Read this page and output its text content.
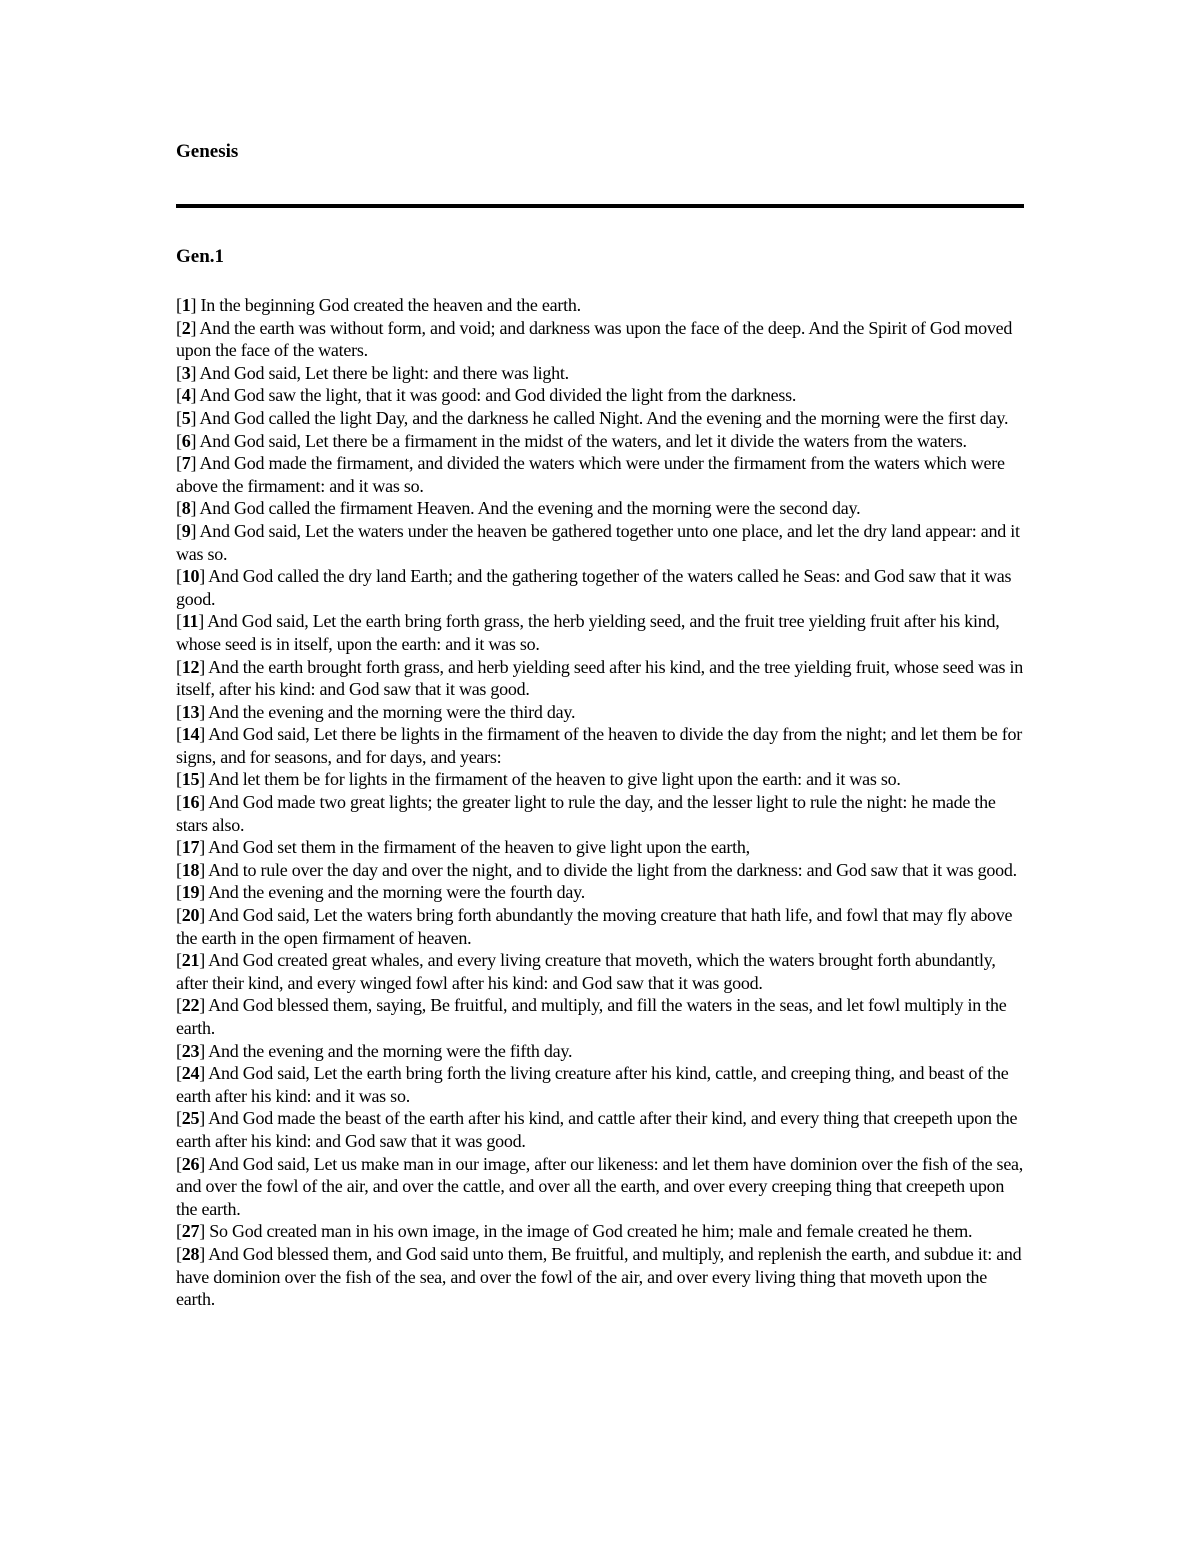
Genesis
Gen.1

[1] In the beginning God created the heaven and the earth.

[2] And the earth was without form, and void; and darkness was upon the face of the deep. And the Spirit of God moved upon the face of the waters.

[3] And God said, Let there be light: and there was light.

[4] And God saw the light, that it was good: and God divided the light from the darkness.

[5] And God called the light Day, and the darkness he called Night. And the evening and the morning were the first day.

[6] And God said, Let there be a firmament in the midst of the waters, and let it divide the waters from the waters.

[7] And God made the firmament, and divided the waters which were under the firmament from the waters which were above the firmament: and it was so.

[8] And God called the firmament Heaven. And the evening and the morning were the second day.

[9] And God said, Let the waters under the heaven be gathered together unto one place, and let the dry land appear: and it was so.

[10] And God called the dry land Earth; and the gathering together of the waters called he Seas: and God saw that it was good.

[11] And God said, Let the earth bring forth grass, the herb yielding seed, and the fruit tree yielding fruit after his kind, whose seed is in itself, upon the earth: and it was so.

[12] And the earth brought forth grass, and herb yielding seed after his kind, and the tree yielding fruit, whose seed was in itself, after his kind: and God saw that it was good.

[13] And the evening and the morning were the third day.

[14] And God said, Let there be lights in the firmament of the heaven to divide the day from the night; and let them be for signs, and for seasons, and for days, and years:

[15] And let them be for lights in the firmament of the heaven to give light upon the earth: and it was so.

[16] And God made two great lights; the greater light to rule the day, and the lesser light to rule the night: he made the stars also.

[17] And God set them in the firmament of the heaven to give light upon the earth,

[18] And to rule over the day and over the night, and to divide the light from the darkness: and God saw that it was good.

[19] And the evening and the morning were the fourth day.

[20] And God said, Let the waters bring forth abundantly the moving creature that hath life, and fowl that may fly above the earth in the open firmament of heaven.

[21] And God created great whales, and every living creature that moveth, which the waters brought forth abundantly, after their kind, and every winged fowl after his kind: and God saw that it was good.

[22] And God blessed them, saying, Be fruitful, and multiply, and fill the waters in the seas, and let fowl multiply in the earth.

[23] And the evening and the morning were the fifth day.

[24] And God said, Let the earth bring forth the living creature after his kind, cattle, and creeping thing, and beast of the earth after his kind: and it was so.

[25] And God made the beast of the earth after his kind, and cattle after their kind, and every thing that creepeth upon the earth after his kind: and God saw that it was good.

[26] And God said, Let us make man in our image, after our likeness: and let them have dominion over the fish of the sea, and over the fowl of the air, and over the cattle, and over all the earth, and over every creeping thing that creepeth upon the earth.

[27] So God created man in his own image, in the image of God created he him; male and female created he them.

[28] And God blessed them, and God said unto them, Be fruitful, and multiply, and replenish the earth, and subdue it: and have dominion over the fish of the sea, and over the fowl of the air, and over every living thing that moveth upon the earth.
